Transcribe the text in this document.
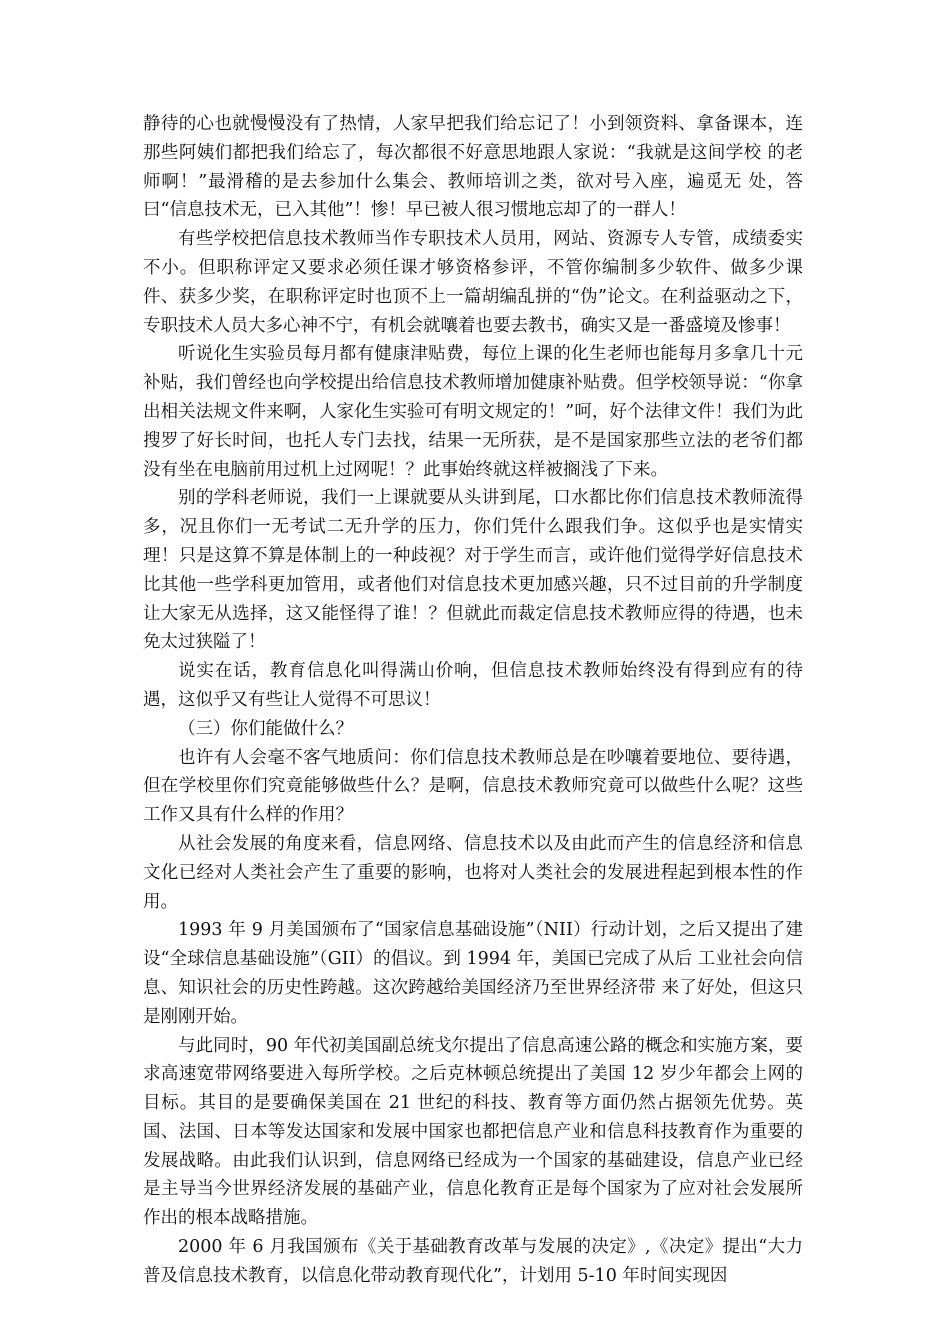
静待的心也就慢慢没有了热情，人家早把我们给忘记了！小到领资料、拿备课本，连 那些阿姨们都把我们给忘了，每次都很不好意思地跟人家说：“我就是这间学校 的老师啊！”最滑稽的是去参加什么集会、教师培训之类，欲对号入座，遍觅无 处，答曰“信息技术无，已入其他”！惨！早已被人很习惯地忘却了的一群人！

有些学校把信息技术教师当作专职技术人员用，网站、资源专人专管，成绩委实不小。但职称评定又要求必须任课才够资格参评，不管你编制多少软件、做多少课件、获多少奖，在职称评定时也顶不上一篇胡编乱拼的“伪”论文。在利益驱动之下，专职技术人员大多心神不宁，有机会就嚷着也要去教书，确实又是一番盛境及惨事！

听说化生实验员每月都有健康津贴费，每位上课的化生老师也能每月多拿几十元 补贴，我们曾经也向学校提出给信息技术教师增加健康补贴费。但学校领导说：“你拿出相关法规文件来啊，人家化生实验可有明文规定的！”呵，好个法律文件！我们为此搜罗了好长时间，也托人专门去找，结果一无所获，是不是国家那些立法的老爷们都没有坐在电脑前用过机上过网呢！？此事始终就这样被搁浅了下来。

别的学科老师说，我们一上课就要从头讲到尾，口水都比你们信息技术教师流得多，况且你们一无考试二无升学的压力，你们凭什么跟我们争。这似乎也是实情实理！只是这算不算是体制上的一种歧视？对于学生而言，或许他们觉得学好信息技术比其他一些学科更加管用，或者他们对信息技术更加感兴趣，只不过目前的升学制度让大家无从选择，这又能怪得了谁！？但就此而裁定信息技术教师应得的待遇，也未免太过狭隘了！

说实在话，教育信息化叫得满山价响，但信息技术教师始终没有得到应有的待遇，这似乎又有些让人觉得不可思议！

（三）你们能做什么？

也许有人会毫不客气地质问：你们信息技术教师总是在吵嚷着要地位、要待遇，但在学校里你们究竟能够做些什么？是啊，信息技术教师究竟可以做些什么呢？这些工作又具有什么样的作用？

从社会发展的角度来看，信息网络、信息技术以及由此而产生的信息经济和信息文化已经对人类社会产生了重要的影响，也将对人类社会的发展进程起到根本性的作用。

1993 年 9 月美国颁布了“国家信息基础设施”（NII）行动计划，之后又提出了建设“全球信息基础设施”（GII）的倡议。到 1994 年，美国已完成了从后 工业社会向信息、知识社会的历史性跨越。这次跨越给美国经济乃至世界经济带 来了好处，但这只是刚刚开始。

与此同时，90 年代初美国副总统戈尔提出了信息高速公路的概念和实施方案，要求高速宽带网络要进入每所学校。之后克林顿总统提出了美国 12 岁少年都会上网的目标。其目的是要确保美国在 21 世纪的科技、教育等方面仍然占据领先优势。英国、法国、日本等发达国家和发展中国家也都把信息产业和信息科技教育作为重要的发展战略。由此我们认识到，信息网络已经成为一个国家的基础建设，信息产业已经是主导当今世界经济发展的基础产业，信息化教育正是每个国家为了应对社会发展所作出的根本战略措施。

2000 年 6 月我国颁布《关于基础教育改革与发展的决定》,《决定》提出“大力普及信息技术教育，以信息化带动教育现代化”，计划用 5-10 年时间实现因
